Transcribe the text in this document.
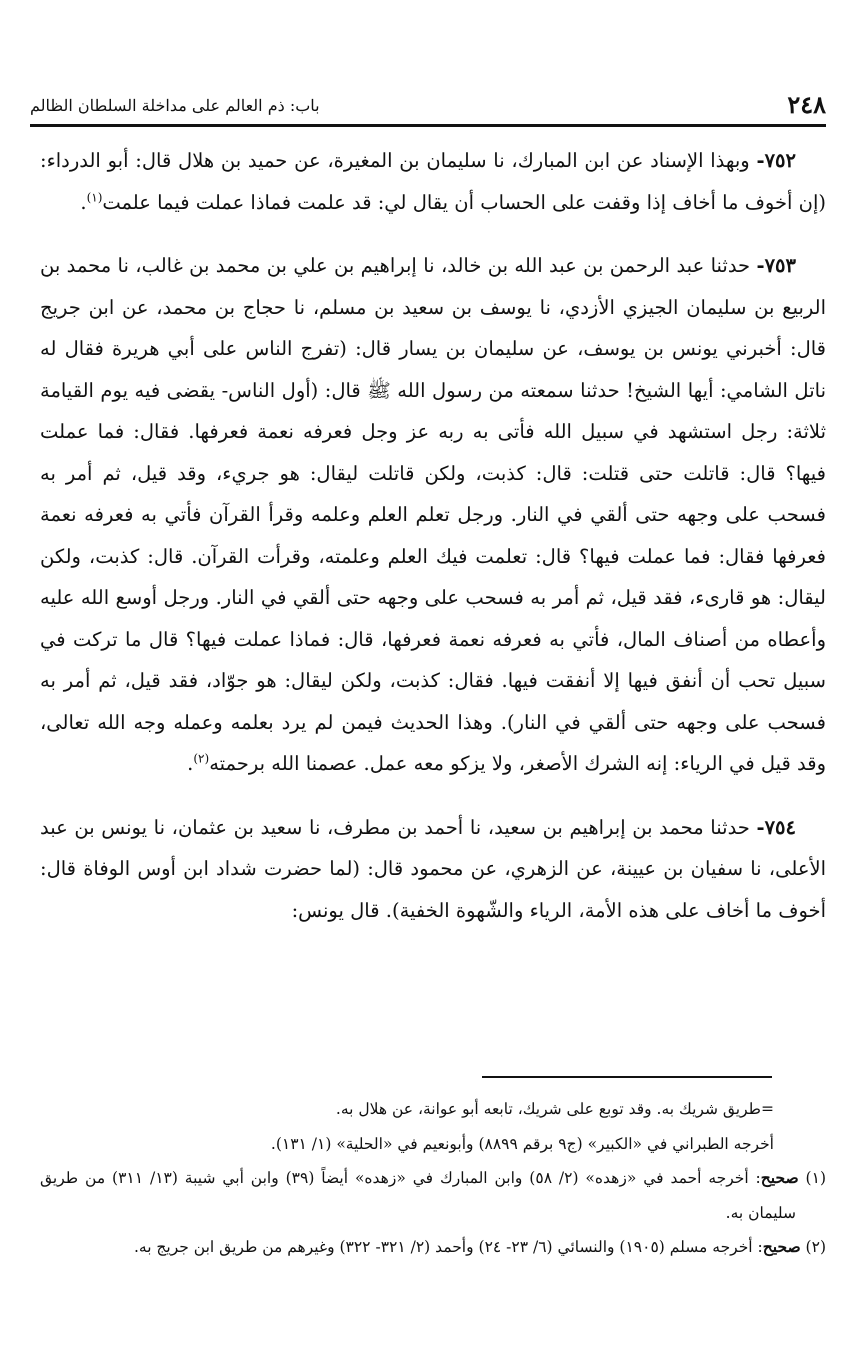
٢٤٨
باب: ذم العالم على مداخلة السلطان الظالم

٧٥٢- وبهذا الإسناد عن ابن المبارك، نا سليمان بن المغيرة، عن حميد بن هلال قال: أبو الدرداء: (إن أخوف ما أخاف إذا وقفت على الحساب أن يقال لي: قد علمت فماذا عملت فيما علمت$^{(١)}$.

٧٥٣- حدثنا عبد الرحمن بن عبد الله بن خالد، نا إبراهيم بن علي بن محمد بن غالب، نا محمد بن الربيع بن سليمان الجيزي الأزدي، نا يوسف بن سعيد بن مسلم، نا حجاج بن محمد، عن ابن جريج قال: أخبرني يونس بن يوسف، عن سليمان بن يسار قال: (تفرج الناس على أبي هريرة فقال له ناتل الشامي: أيها الشيخ! حدثنا سمعته من رسول الله ﷺ قال: (أول الناس- يقضى فيه يوم القيامة ثلاثة: رجل استشهد في سبيل الله فأتى به ربه عز وجل فعرفه نعمة فعرفها. فقال: فما عملت فيها؟ قال: قاتلت حتى قتلت: قال: كذبت، ولكن قاتلت ليقال: هو جريء، وقد قيل، ثم أمر به فسحب على وجهه حتى ألقي في النار. ورجل تعلم العلم وعلمه وقرأ القرآن فأتي به فعرفه نعمة فعرفها فقال: فما عملت فيها؟ قال: تعلمت فيك العلم وعلمته، وقرأت القرآن. قال: كذبت، ولكن ليقال: هو قارىء، فقد قيل، ثم أمر به فسحب على وجهه حتى ألقي في النار. ورجل أوسع الله عليه وأعطاه من أصناف المال، فأتي به فعرفه نعمة فعرفها، قال: فماذا عملت فيها؟ قال ما تركت في سبيل تحب أن أنفق فيها إلا أنفقت فيها. فقال: كذبت، ولكن ليقال: هو جوّاد، فقد قيل، ثم أمر به فسحب على وجهه حتى ألقي في النار). وهذا الحديث فيمن لم يرد بعلمه وعمله وجه الله تعالى، وقد قيل في الرياء: إنه الشرك الأصغر، ولا يزكو معه عمل. عصمنا الله برحمته$^{(٢)}$.

٧٥٤- حدثنا محمد بن إبراهيم بن سعيد، نا أحمد بن مطرف، نا سعيد بن عثمان، نا يونس بن عبد الأعلى، نا سفيان بن عيينة، عن الزهري، عن محمود قال: (لما حضرت شداد ابن أوس الوفاة قال: أخوف ما أخاف على هذه الأمة، الرياء والشّهوة الخفية). قال يونس:

=طريق شريك به. وقد توبع على شريك، تابعه أبو عوانة، عن هلال به.

أخرجه الطبراني في «الكبير» (ج٩ برقم ٨٨٩٩) وأبونعيم في «الحلية» (١/ ١٣١).

(١) صحيح: أخرجه أحمد في «زهده» (٢/ ٥٨) وابن المبارك في «زهده» أيضاً (٣٩) وابن أبي شيبة (١٣/ ٣١١) من طريق سليمان به.

(٢) صحيح: أخرجه مسلم (١٩٠٥) والنسائي (٦/ ٢٣- ٢٤) وأحمد (٢/ ٣٢١- ٣٢٢) وغيرهم من طريق ابن جريج به.
